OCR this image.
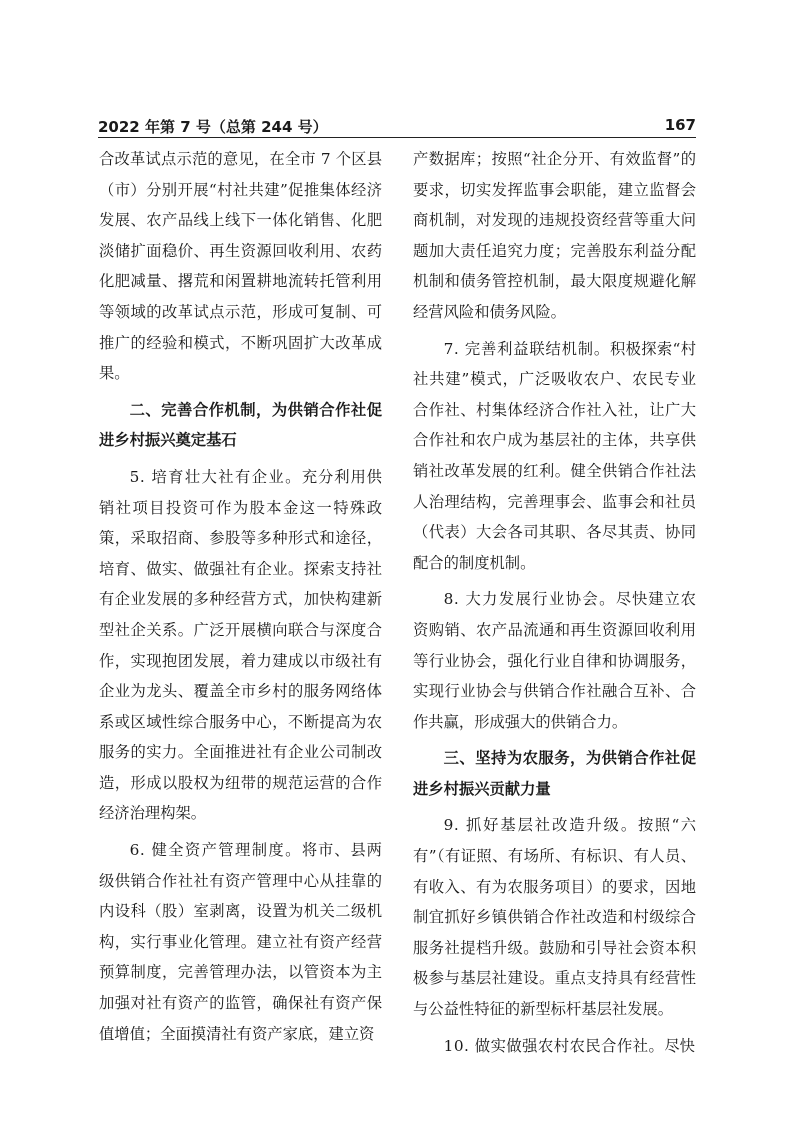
2022 年第 7 号（总第 244 号）	167

合改革试点示范的意见，在全市 7 个区县（市）分别开展“村社共建”促推集体经济发展、农产品线上线下一体化销售、化肥淡储扩面稳价、再生资源回收利用、农药化肥减量、撂荒和闲置耕地流转托管利用等领域的改革试点示范，形成可复制、可推广的经验和模式，不断巩固扩大改革成果。

二、完善合作机制，为供销合作社促进乡村振兴奠定基石

5. 培育壮大社有企业。充分利用供销社项目投资可作为股本金这一特殊政策，采取招商、参股等多种形式和途径，培育、做实、做强社有企业。探索支持社有企业发展的多种经营方式，加快构建新型社企关系。广泛开展横向联合与深度合作，实现抱团发展，着力建成以市级社有企业为龙头、覆盖全市乡村的服务网络体系或区域性综合服务中心，不断提高为农服务的实力。全面推进社有企业公司制改造，形成以股权为纽带的规范运营的合作经济治理构架。

6. 健全资产管理制度。将市、县两级供销合作社社有资产管理中心从挂靠的内设科（股）室剥离，设置为机关二级机构，实行事业化管理。建立社有资产经营预算制度，完善管理办法，以管资本为主加强对社有资产的监管，确保社有资产保值增值；全面摸清社有资产家底，建立资

产数据库；按照“社企分开、有效监督”的要求，切实发挥监事会职能，建立监督会商机制，对发现的违规投资经营等重大问题加大责任追究力度；完善股东利益分配机制和债务管控机制，最大限度规避化解经营风险和债务风险。

7. 完善利益联结机制。积极探索“村社共建”模式，广泛吸收农户、农民专业合作社、村集体经济合作社入社，让广大合作社和农户成为基层社的主体，共享供销社改革发展的红利。健全供销合作社法人治理结构，完善理事会、监事会和社员（代表）大会各司其职、各尽其责、协同配合的制度机制。

8. 大力发展行业协会。尽快建立农资购销、农产品流通和再生资源回收利用等行业协会，强化行业自律和协调服务，实现行业协会与供销合作社融合互补、合作共赢，形成强大的供销合力。

三、坚持为农服务，为供销合作社促进乡村振兴贡献力量

9. 抓好基层社改造升级。按照“六有”（有证照、有场所、有标识、有人员、有收入、有为农服务项目）的要求，因地制宜抓好乡镇供销合作社改造和村级综合服务社提档升级。鼓励和引导社会资本积极参与基层社建设。重点支持具有经营性与公益性特征的新型标杆基层社发展。

10. 做实做强农村农民合作社。尽快
